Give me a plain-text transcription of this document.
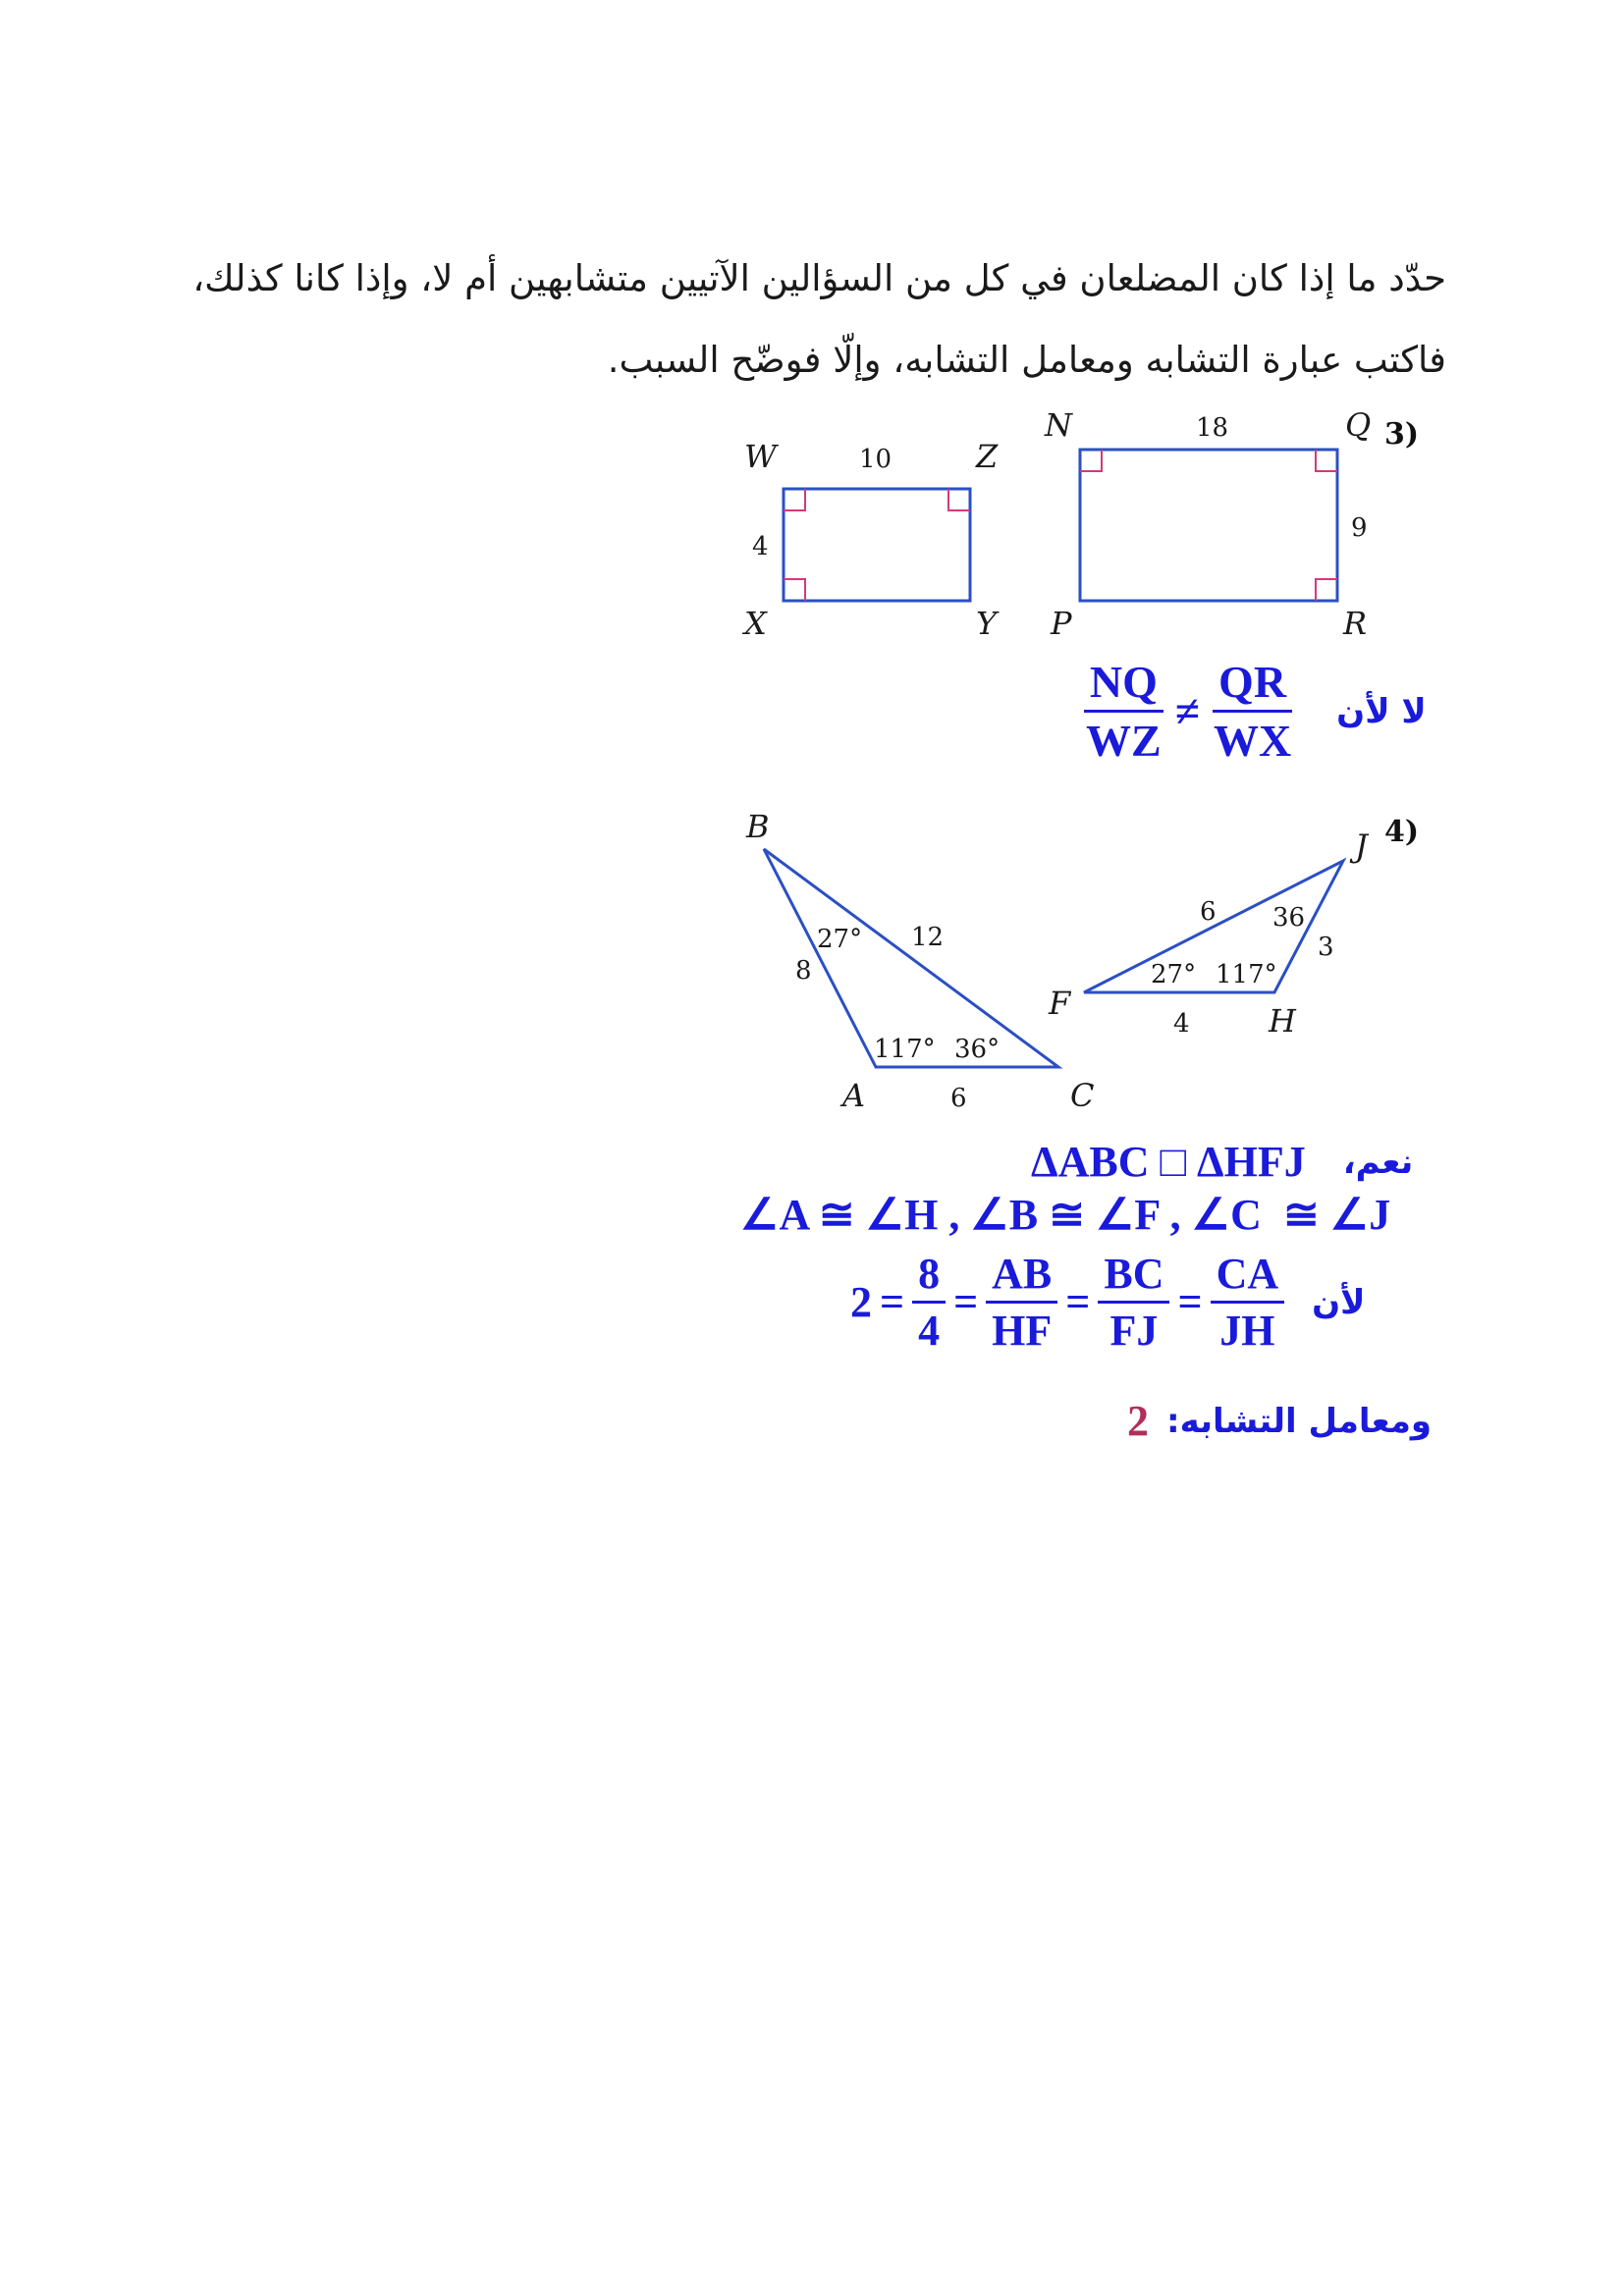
حدّد ما إذا كان المضلعان في كل من السؤالين الآتيين متشابهين أم لا، وإذا كانا كذلك،
فاكتب عبارة التشابه ومعامل التشابه، وإلّا فوضّح السبب.
(3
W	Z
Y
X
10
4
N	Q
R
P
18
9
$\frac{NQ}{WZ} \ne \frac{QR}{WX}$ لا لأن
(4
B
A	C
8
12
6
27°
117° 36°
J
F	H
6
3
4
36
27° 117°
ΔABC □ ΔHFJ نعم،
∠A ≅ ∠H , ∠B ≅ ∠F , ∠C  ≅ ∠J
$2 = \frac{8}{4} = \frac{AB}{HF} = \frac{BC}{FJ} = \frac{CA}{JH}$ لأن
2 ومعامل التشابه:
